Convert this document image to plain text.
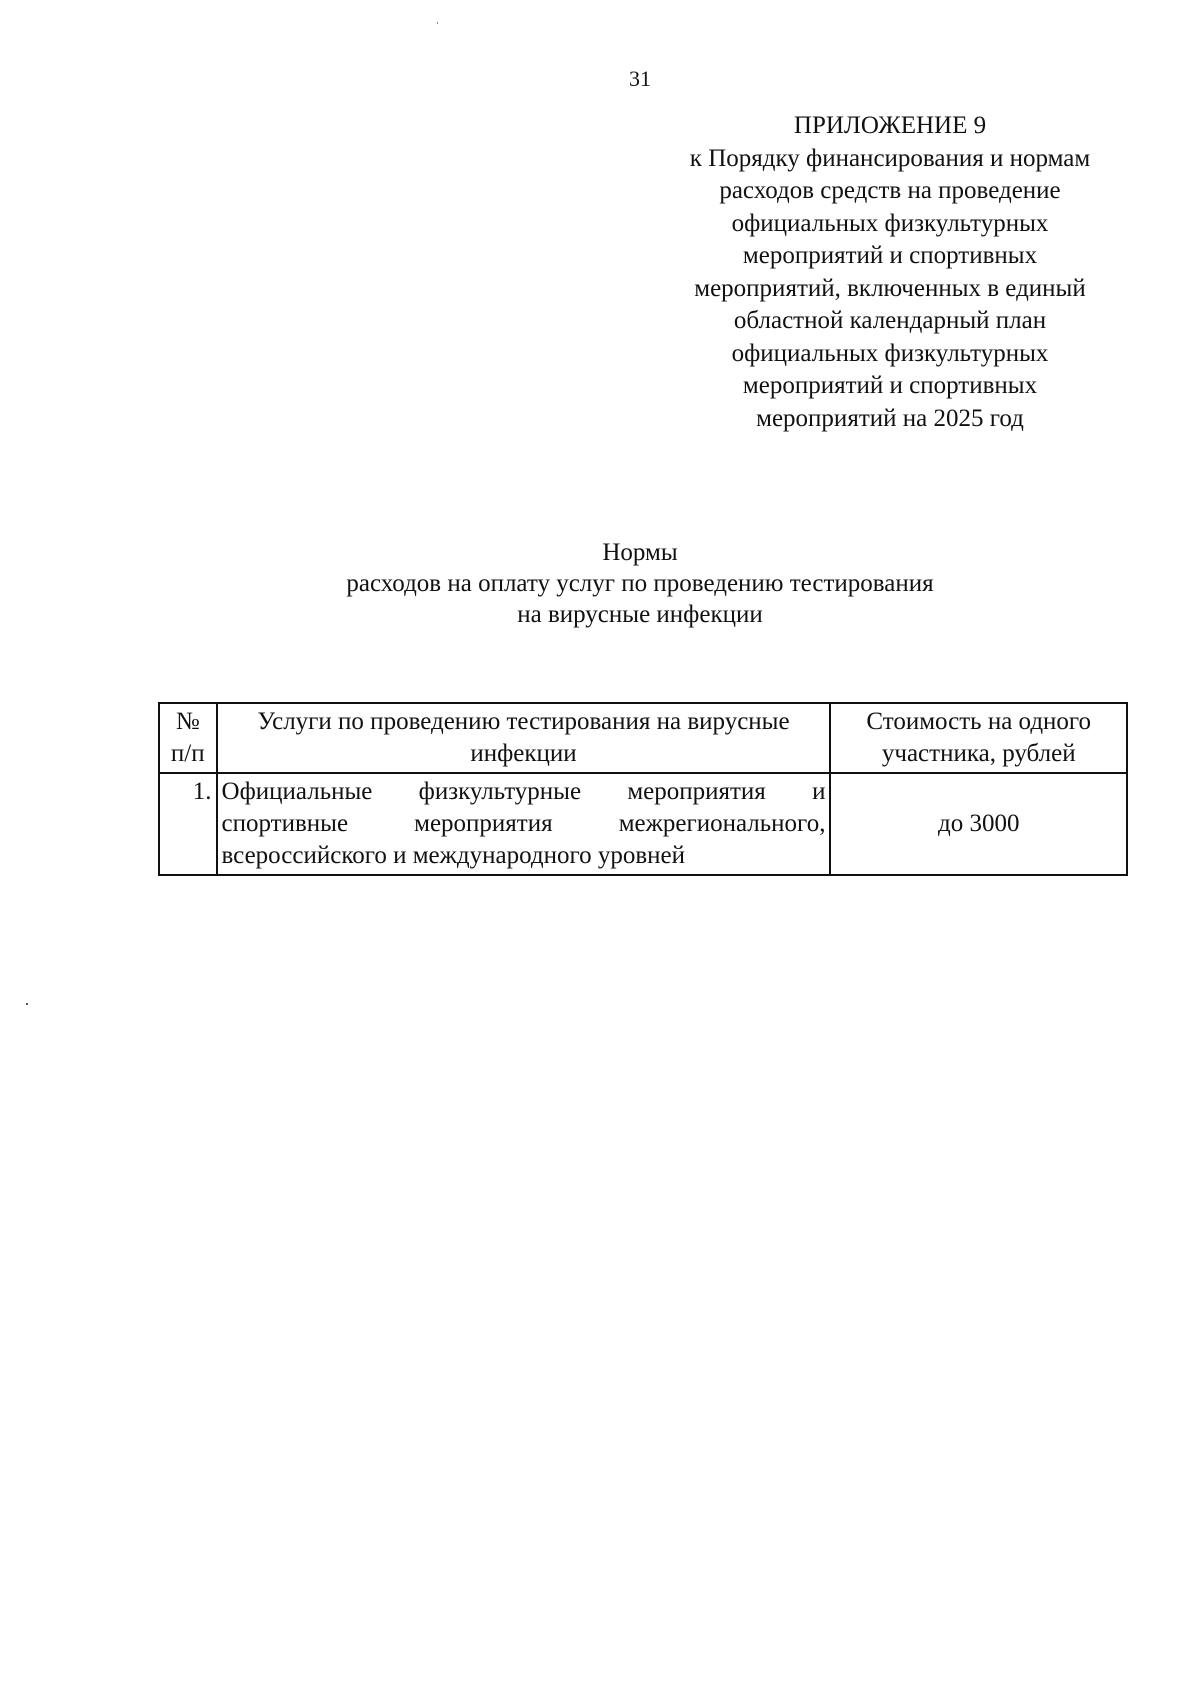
31
ПРИЛОЖЕНИЕ 9
к Порядку финансирования и нормам
расходов средств на проведение
официальных физкультурных
мероприятий и спортивных
мероприятий, включенных в единый
областной календарный план
официальных физкультурных
мероприятий и спортивных
мероприятий на 2025 год
Нормы
расходов на оплату услуг по проведению тестирования
на вирусные инфекции
№ п/п	Услуги по проведению тестирования на вирусные инфекции	Стоимость на одного участника, рублей
1.	Официальные физкультурные мероприятия и спортивные мероприятия межрегионального, всероссийского и международного уровней	до 3000
